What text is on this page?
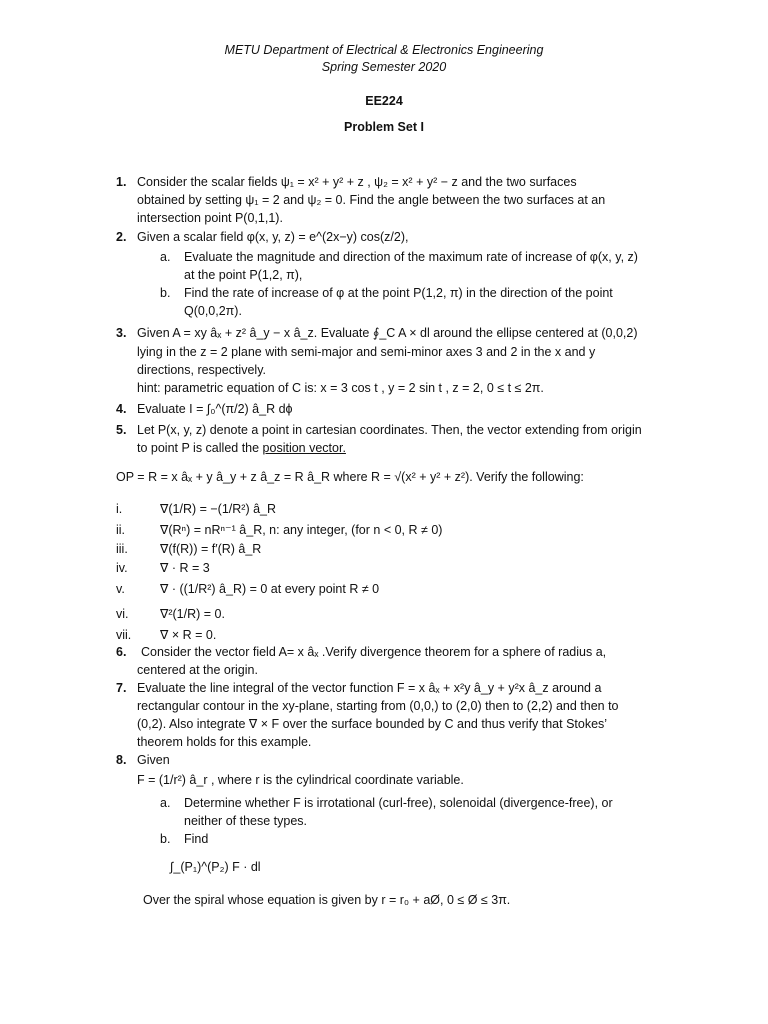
METU Department of Electrical & Electronics Engineering
Spring Semester 2020
EE224
Problem Set I
1. Consider the scalar fields ψ₁ = x² + y² + z , ψ₂ = x² + y² − z and the two surfaces
obtained by setting ψ₁ = 2 and ψ₂ = 0. Find the angle between the two surfaces at an
intersection point P(0,1,1).
2. Given a scalar field φ(x, y, z) = e^(2x−y) cos(z/2),
a. Evaluate the magnitude and direction of the maximum rate of increase of φ(x, y, z)
at the point P(1,2, π),
b. Find the rate of increase of φ at the point P(1,2, π) in the direction of the point
Q(0,0,2π).
3. Given A = xy âₓ + z² â_y − x â_z. Evaluate ∮_C A × dl around the ellipse centered at (0,0,2)
lying in the z = 2 plane with semi-major and semi-minor axes 3 and 2 in the x and y
directions, respectively.
hint: parametric equation of C is: x = 3 cos t , y = 2 sin t , z = 2, 0 ≤ t ≤ 2π.
4. Evaluate I = ∫₀^(π/2) â_R dϕ
5. Let P(x, y, z) denote a point in cartesian coordinates. Then, the vector extending from origin
to point P is called the position vector.
OP = R = x âₓ + y â_y + z â_z = R â_R where R = √(x² + y² + z²). Verify the following:
i.	∇(1/R) = −(1/R²) â_R
ii.	∇(Rⁿ) = nRⁿ⁻¹ â_R, n: any integer, (for n < 0, R ≠ 0)
iii.	∇(f(R)) = f′(R) â_R
iv.	∇ · R = 3
v.	∇ · ((1/R²) â_R) = 0 at every point R ≠ 0
vi.	∇²(1/R) = 0.
vii. ∇ × R = 0.
6. Consider the vector field A= x âₓ .Verify divergence theorem for a sphere of radius a,
centered at the origin.
7. Evaluate the line integral of the vector function F = x âₓ + x²y â_y + y²x â_z around a
rectangular contour in the xy-plane, starting from (0,0,) to (2,0) then to (2,2) and then to
(0,2). Also integrate ∇ × F over the surface bounded by C and thus verify that Stokes’
theorem holds for this example.
8. Given
F = (1/r²) â_r , where r is the cylindrical coordinate variable.
a. Determine whether F is irrotational (curl-free), solenoidal (divergence-free), or
neither of these types.
b. Find
∫_(P₁)^(P₂) F · dl
Over the spiral whose equation is given by r = r₀ + aØ, 0 ≤ Ø ≤ 3π.
